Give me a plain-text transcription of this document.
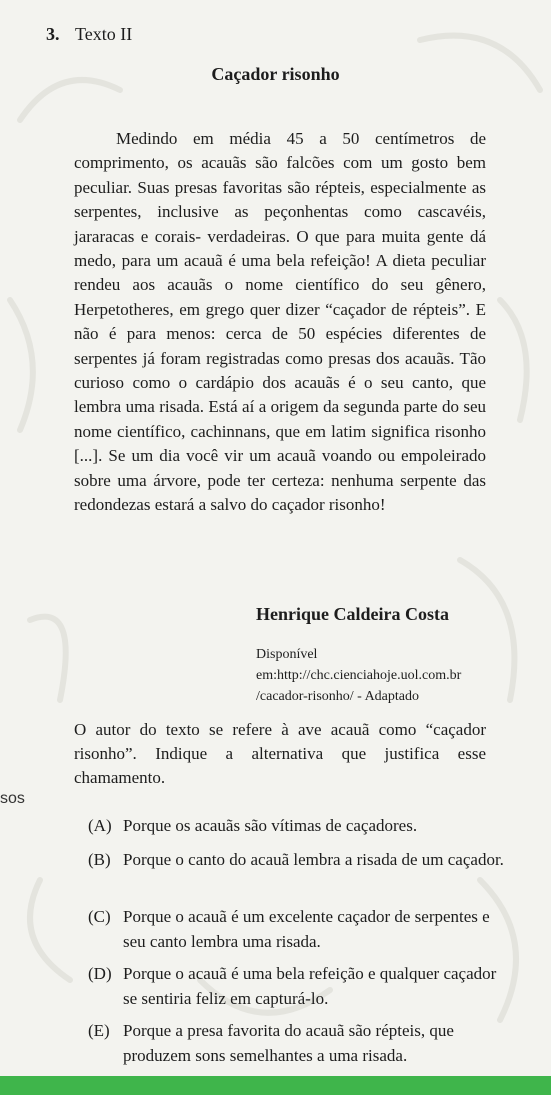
3. Texto II
Caçador risonho

Medindo em média 45 a 50 centímetros de comprimento, os acauãs são falcões com um gosto bem peculiar. Suas presas favoritas são répteis, especialmente as serpentes, inclusive as peçonhentas como cascavéis, jararacas e corais- verdadeiras. O que para muita gente dá medo, para um acauã é uma bela refeição! A dieta peculiar rendeu aos acauãs o nome científico do seu gênero, Herpetotheres, em grego quer dizer “caçador de répteis”. E não é para menos: cerca de 50 espécies diferentes de serpentes já foram registradas como presas dos acauãs. Tão curioso como o cardápio dos acauãs é o seu canto, que lembra uma risada. Está aí a origem da segunda parte do seu nome científico, cachinnans, que em latim significa risonho [...]. Se um dia você vir um acauã voando ou empoleirado sobre uma árvore, pode ter certeza: nenhuma serpente das redondezas estará a salvo do caçador risonho!

Henrique Caldeira Costa
Disponível
em:http://chc.cienciahoje.uol.com.br
/cacador-risonho/ - Adaptado

O autor do texto se refere à ave acauã como “caçador risonho”. Indique a alternativa que justifica esse chamamento.

sos
(A) Porque os acauãs são vítimas de caçadores.
(B) Porque o canto do acauã lembra a risada de um caçador.
(C) Porque o acauã é um excelente caçador de serpentes e seu canto lembra uma risada.
(D) Porque o acauã é uma bela refeição e qualquer caçador se sentiria feliz em capturá-lo.
(E) Porque a presa favorita do acauã são répteis, que produzem sons semelhantes a uma risada.
